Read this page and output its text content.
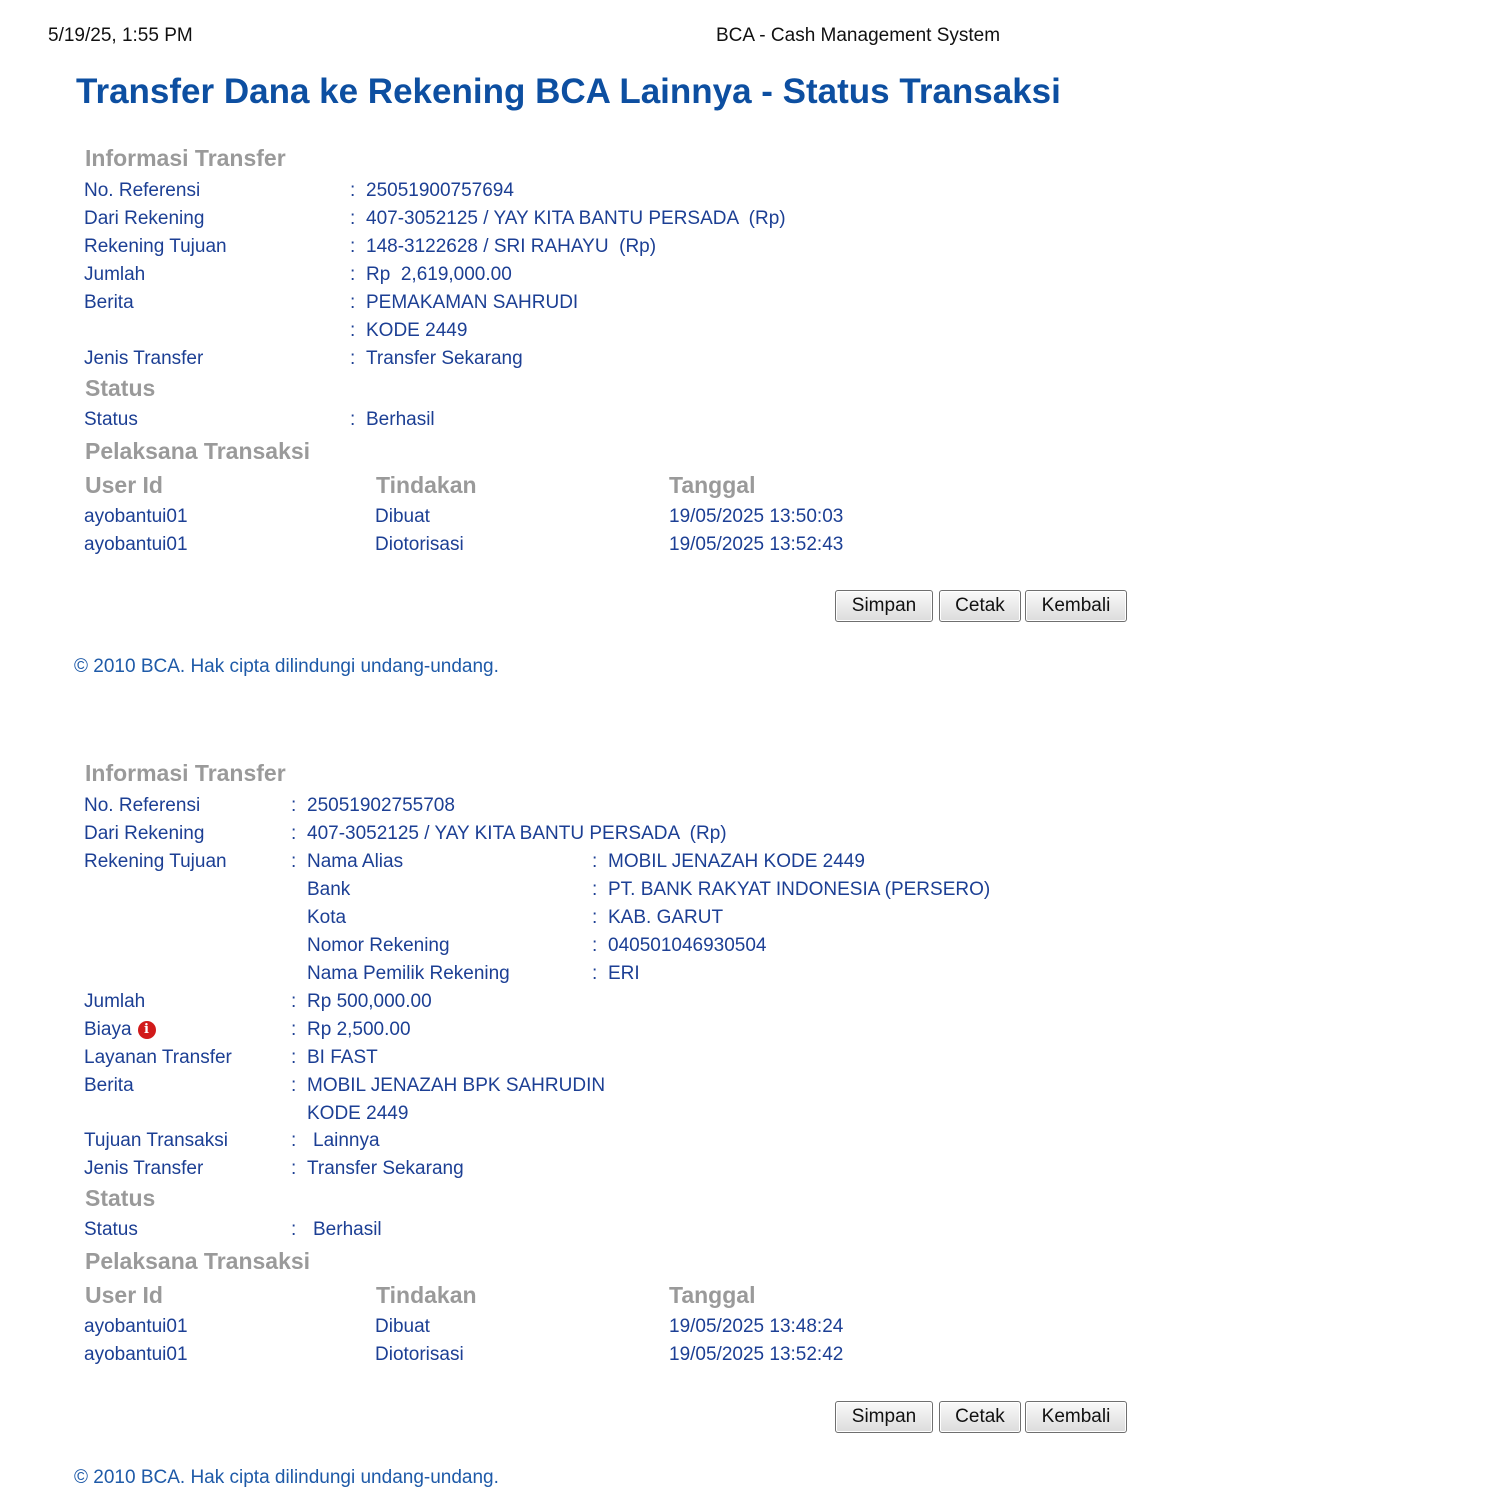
5/19/25, 1:55 PM	BCA - Cash Management System
Transfer Dana ke Rekening BCA Lainnya - Status Transaksi
Informasi Transfer
No. Referensi	: 25051900757694
Dari Rekening	: 407-3052125 / YAY KITA BANTU PERSADA  (Rp)
Rekening Tujuan	: 148-3122628 / SRI RAHAYU  (Rp)
Jumlah	: Rp  2,619,000.00
Berita	: PEMAKAMAN SAHRUDI
: KODE 2449
Jenis Transfer	: Transfer Sekarang
Status
Status	: Berhasil
Pelaksana Transaksi
User Id	Tindakan	Tanggal
ayobantui01	Dibuat	19/05/2025 13:50:03
ayobantui01	Diotorisasi	19/05/2025 13:52:43
Simpan	Cetak	Kembali
© 2010 BCA. Hak cipta dilindungi undang-undang.
Informasi Transfer
No. Referensi	: 25051902755708
Dari Rekening	: 407-3052125 / YAY KITA BANTU PERSADA  (Rp)
Rekening Tujuan	: Nama Alias	: MOBIL JENAZAH KODE 2449
Bank	: PT. BANK RAKYAT INDONESIA (PERSERO)
Kota	: KAB. GARUT
Nomor Rekening	: 040501046930504
Nama Pemilik Rekening	: ERI
Jumlah	: Rp 500,000.00
Biaya i	: Rp 2,500.00
Layanan Transfer	: BI FAST
Berita	: MOBIL JENAZAH BPK SAHRUDIN
KODE 2449
Tujuan Transaksi	: Lainnya
Jenis Transfer	: Transfer Sekarang
Status
Status	: Berhasil
Pelaksana Transaksi
User Id	Tindakan	Tanggal
ayobantui01	Dibuat	19/05/2025 13:48:24
ayobantui01	Diotorisasi	19/05/2025 13:52:42
Simpan	Cetak	Kembali
© 2010 BCA. Hak cipta dilindungi undang-undang.
